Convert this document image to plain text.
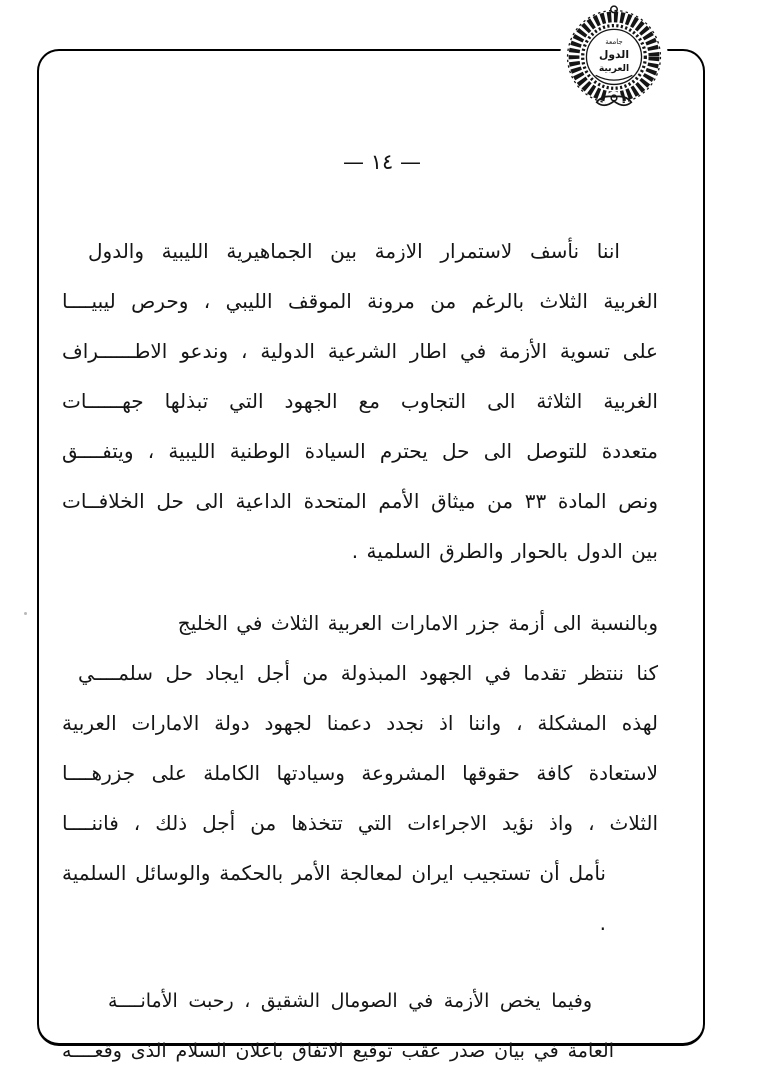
جامعة
الدول
العربية
— ١٤ —
اننا نأسف لاستمرار الازمة بين الجماهيرية الليبية والدول
الغربية الثلاث بالرغم من مرونة الموقف الليبي ، وحرص ليبيــــا
على تسوية الأزمة في اطار الشرعية الدولية ، وندعو الاطــــــراف
الغربية الثلاثة الى التجاوب مع الجهود التي تبذلها جهــــــات
متعددة للتوصل الى حل يحترم السيادة الوطنية الليبية ، ويتفــــق
ونص المادة ٣٣ من ميثاق الأمم المتحدة الداعية الى حل الخلافــات
بين الدول بالحوار والطرق السلمية .
وبالنسبة الى أزمة جزر الامارات العربية الثلاث في الخليج
كنا ننتظر تقدما في الجهود المبذولة من أجل ايجاد حل سلمــــي
لهذه المشكلة ، واننا اذ نجدد دعمنا لجهود دولة الامارات العربية
لاستعادة كافة حقوقها المشروعة وسيادتها الكاملة على جزرهــــا
الثلاث ، واذ نؤيد الاجراءات التي تتخذها من أجل ذلك ، فاننــــا
نأمل أن تستجيب ايران لمعالجة الأمر بالحكمة والوسائل السلمية .
وفيما يخص الأزمة في الصومال الشقيق ، رحبت الأمانــــة
العامة في بيان صدر عقب توقيع الاتفاق باعلان السلام الذى وقعــــه
